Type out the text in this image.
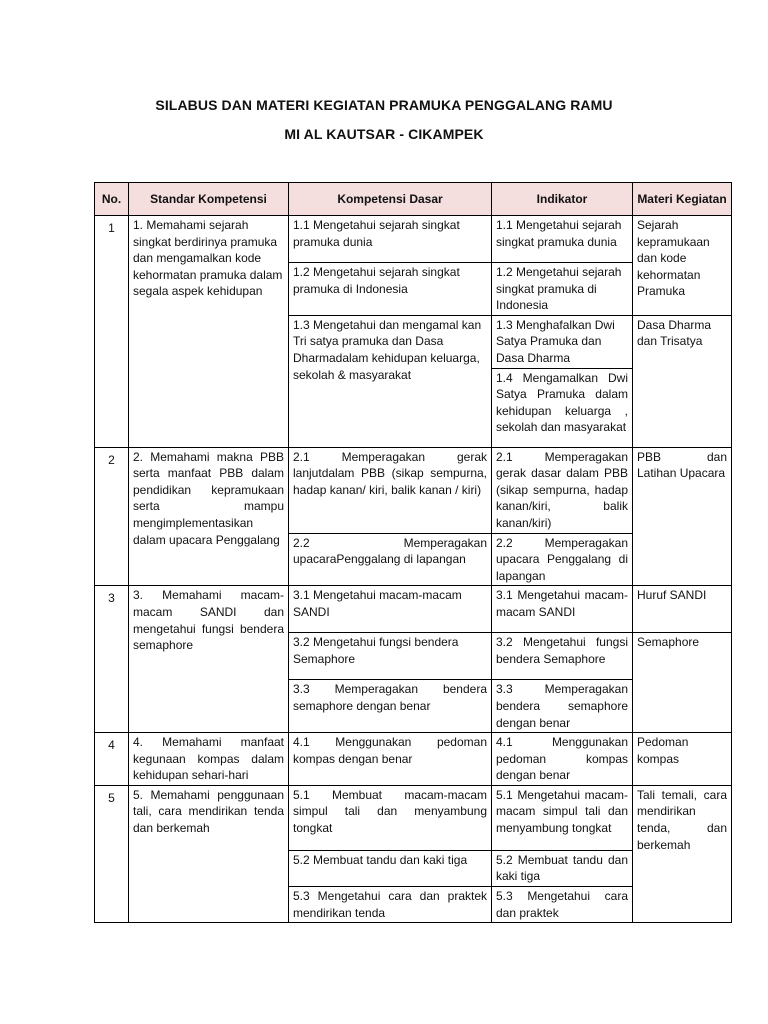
SILABUS DAN MATERI KEGIATAN PRAMUKA PENGGALANG RAMU
MI AL KAUTSAR - CIKAMPEK
No.	Standar Kompetensi	Kompetensi Dasar	Indikator	Materi Kegiatan
1	1. Memahami sejarah singkat berdirinya pramuka dan mengamalkan kode kehormatan pramuka dalam segala aspek kehidupan	1.1 Mengetahui sejarah singkat pramuka dunia	1.1 Mengetahui sejarah singkat pramuka dunia	Sejarah kepramukaan dan kode kehormatan Pramuka
		1.2 Mengetahui sejarah singkat pramuka di Indonesia	1.2 Mengetahui sejarah singkat pramuka di Indonesia	
		1.3 Mengetahui dan mengamal kan Tri satya pramuka dan Dasa Dharmadalam kehidupan keluarga, sekolah & masyarakat	1.3 Menghafalkan Dwi Satya Pramuka dan Dasa Dharma	Dasa Dharma dan Trisatya
			1.4 Mengamalkan Dwi Satya Pramuka dalam kehidupan keluarga , sekolah dan masyarakat	
2	2. Memahami makna PBB serta manfaat PBB dalam pendidikan kepramukaan serta mampu mengimplementasikan dalam upacara Penggalang	2.1 Memperagakan gerak lanjutdalam PBB (sikap sempurna, hadap kanan/ kiri, balik kanan / kiri)	2.1 Memperagakan gerak dasar dalam PBB (sikap sempurna, hadap kanan/kiri, balik kanan/kiri)	PBB dan Latihan Upacara
		2.2 Memperagakan upacaraPenggalang di lapangan	2.2 Memperagakan upacara Penggalang di lapangan	
3	3. Memahami macam-macam SANDI dan mengetahui fungsi bendera semaphore	3.1 Mengetahui macam-macam SANDI	3.1 Mengetahui macam-macam SANDI	Huruf SANDI
		3.2 Mengetahui fungsi bendera Semaphore	3.2 Mengetahui fungsi bendera Semaphore	Semaphore
		3.3 Memperagakan bendera semaphore dengan benar	3.3 Memperagakan bendera semaphore dengan benar	
4	4. Memahami manfaat kegunaan kompas dalam kehidupan sehari-hari	4.1 Menggunakan pedoman kompas dengan benar	4.1 Menggunakan pedoman kompas dengan benar	Pedoman kompas
5	5. Memahami penggunaan tali, cara mendirikan tenda dan berkemah	5.1 Membuat macam-macam simpul tali dan menyambung tongkat	5.1 Mengetahui macam-macam simpul tali dan menyambung tongkat	Tali temali, cara mendirikan tenda, dan berkemah
		5.2 Membuat tandu dan kaki tiga	5.2 Membuat tandu dan kaki tiga	
		5.3 Mengetahui cara dan praktek mendirikan tenda	5.3 Mengetahui cara dan praktek	
